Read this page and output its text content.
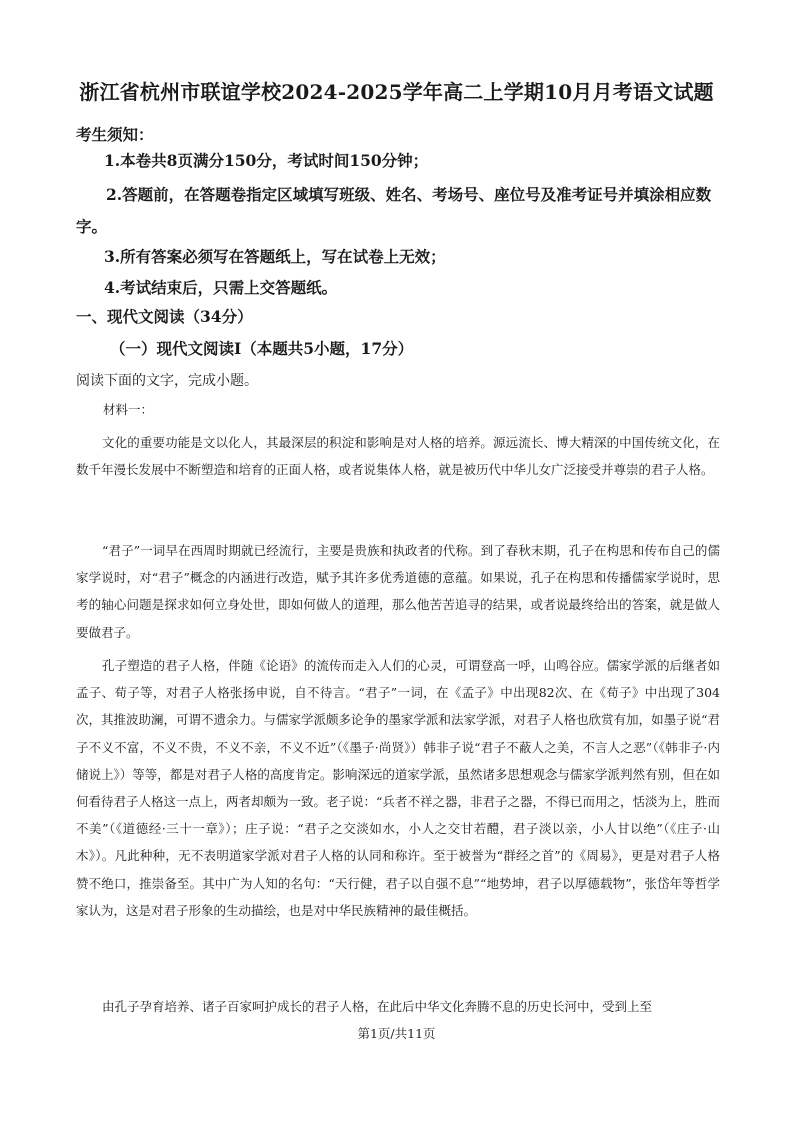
浙江省杭州市联谊学校2024-2025学年高二上学期10月月考语文试题
考生须知：
1.本卷共8页满分150分，考试时间150分钟；
2.答题前，在答题卷指定区域填写班级、姓名、考场号、座位号及准考证号并填涂相应数字。
3.所有答案必须写在答题纸上，写在试卷上无效；
4.考试结束后，只需上交答题纸。
一、现代文阅读（34分）
（一）现代文阅读Ⅰ（本题共5小题，17分）
阅读下面的文字，完成小题。
材料一：
文化的重要功能是文以化人，其最深层的积淀和影响是对人格的培养。源远流长、博大精深的中国传统文化，在数千年漫长发展中不断塑造和培育的正面人格，或者说集体人格，就是被历代中华儿女广泛接受并尊崇的君子人格。
“君子”一词早在西周时期就已经流行，主要是贵族和执政者的代称。到了春秋末期，孔子在构思和传布自己的儒家学说时，对“君子”概念的内涵进行改造，赋予其许多优秀道德的意蕴。如果说，孔子在构思和传播儒家学说时，思考的轴心问题是探求如何立身处世，即如何做人的道理，那么他苦苦追寻的结果，或者说最终给出的答案，就是做人要做君子。
孔子塑造的君子人格，伴随《论语》的流传而走入人们的心灵，可谓登高一呼，山鸣谷应。儒家学派的后继者如孟子、荀子等，对君子人格张扬申说，自不待言。“君子”一词，在《孟子》中出现82次、在《荀子》中出现了304次，其推波助澜，可谓不遗余力。与儒家学派颇多论争的墨家学派和法家学派，对君子人格也欣赏有加，如墨子说“君子不义不富，不义不贵，不义不亲，不义不近”（《墨子·尚贤》）韩非子说“君子不蔽人之美，不言人之恶”（《韩非子·内储说上》）等等，都是对君子人格的高度肯定。影响深远的道家学派，虽然诸多思想观念与儒家学派判然有别，但在如何看待君子人格这一点上，两者却颇为一致。老子说：“兵者不祥之器，非君子之器，不得已而用之，恬淡为上，胜而不美”（《道德经·三十一章》）；庄子说：“君子之交淡如水，小人之交甘若醴，君子淡以亲，小人甘以绝”（《庄子·山木》）。凡此种种，无不表明道家学派对君子人格的认同和称许。至于被誉为“群经之首”的《周易》，更是对君子人格赞不绝口，推崇备至。其中广为人知的名句：“天行健，君子以自强不息”“地势坤，君子以厚德载物”，张岱年等哲学家认为，这是对君子形象的生动描绘，也是对中华民族精神的最佳概括。
由孔子孕育培养、诸子百家呵护成长的君子人格，在此后中华文化奔腾不息的历史长河中，受到上至
第1页/共11页
